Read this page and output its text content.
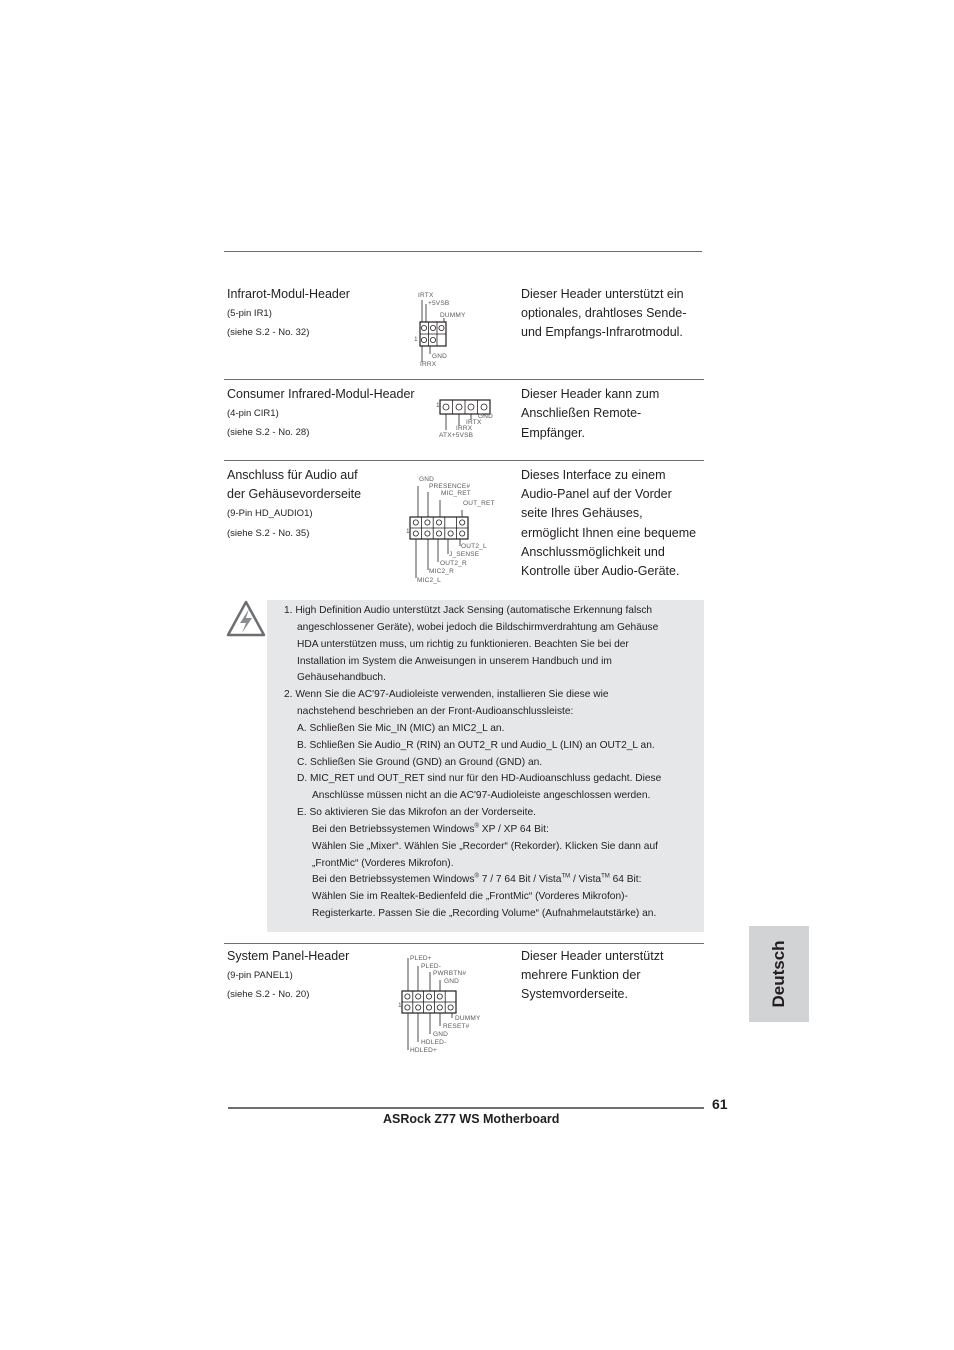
Infrarot-Modul-Header
(5-pin IR1)
(siehe S.2 - No. 32)
Dieser Header unterstützt ein
optionales, drahtloses Sende-
und Empfangs-Infrarotmodul.
1
IRTX
+5VSB
DUMMY
GND
IRRX
Consumer Infrared-Modul-Header
(4-pin CIR1)
(siehe S.2 - No. 28)
Dieser Header kann zum
Anschließen Remote-
Empfänger.
1
GND
IRTX
IRRX
ATX+5VSB
Anschluss für Audio auf
der Gehäusevorderseite
(9-Pin HD_AUDIO1)
(siehe S.2 - No. 35)
Dieses Interface zu einem
Audio-Panel auf der Vorder
seite Ihres Gehäuses,
ermöglicht Ihnen eine bequeme
Anschlussmöglichkeit und
Kontrolle über Audio-Geräte.
1
GND
PRESENCE#
MIC_RET
OUT_RET
OUT2_L
J_SENSE
OUT2_R
MIC2_R
MIC2_L
1. High Definition Audio unterstützt Jack Sensing (automatische Erkennung falsch
angeschlossener Geräte), wobei jedoch die Bildschirmverdrahtung am Gehäuse
HDA unterstützen muss, um richtig zu funktionieren. Beachten Sie bei der
Installation im System die Anweisungen in unserem Handbuch und im
Gehäusehandbuch.
2. Wenn Sie die AC'97-Audioleiste verwenden, installieren Sie diese wie
nachstehend beschrieben an der Front-Audioanschlussleiste:
A. Schließen Sie Mic_IN (MIC) an MIC2_L an.
B. Schließen Sie Audio_R (RIN) an OUT2_R und Audio_L (LIN) an OUT2_L an.
C. Schließen Sie Ground (GND) an Ground (GND) an.
D. MIC_RET und OUT_RET sind nur für den HD-Audioanschluss gedacht. Diese
Anschlüsse müssen nicht an die AC'97-Audioleiste angeschlossen werden.
E. So aktivieren Sie das Mikrofon an der Vorderseite.
Bei den Betriebssystemen Windows® XP / XP 64 Bit:
Wählen Sie „Mixer“. Wählen Sie „Recorder“ (Rekorder). Klicken Sie dann auf
„FrontMic“ (Vorderes Mikrofon).
Bei den Betriebssystemen Windows® 7 / 7 64 Bit / Vista™ / Vista™ 64 Bit:
Wählen Sie im Realtek-Bedienfeld die „FrontMic“ (Vorderes Mikrofon)-
Registerkarte. Passen Sie die „Recording Volume“ (Aufnahmelautstärke) an.
System Panel-Header
(9-pin PANEL1)
(siehe S.2 - No. 20)
Dieser Header unterstützt
mehrere Funktion der
Systemvorderseite.
1
PLED+
PLED-
PWRBTN#
GND
DUMMY
RESET#
GND
HDLED-
HDLED+
Deutsch
61
ASRock Z77 WS Motherboard
